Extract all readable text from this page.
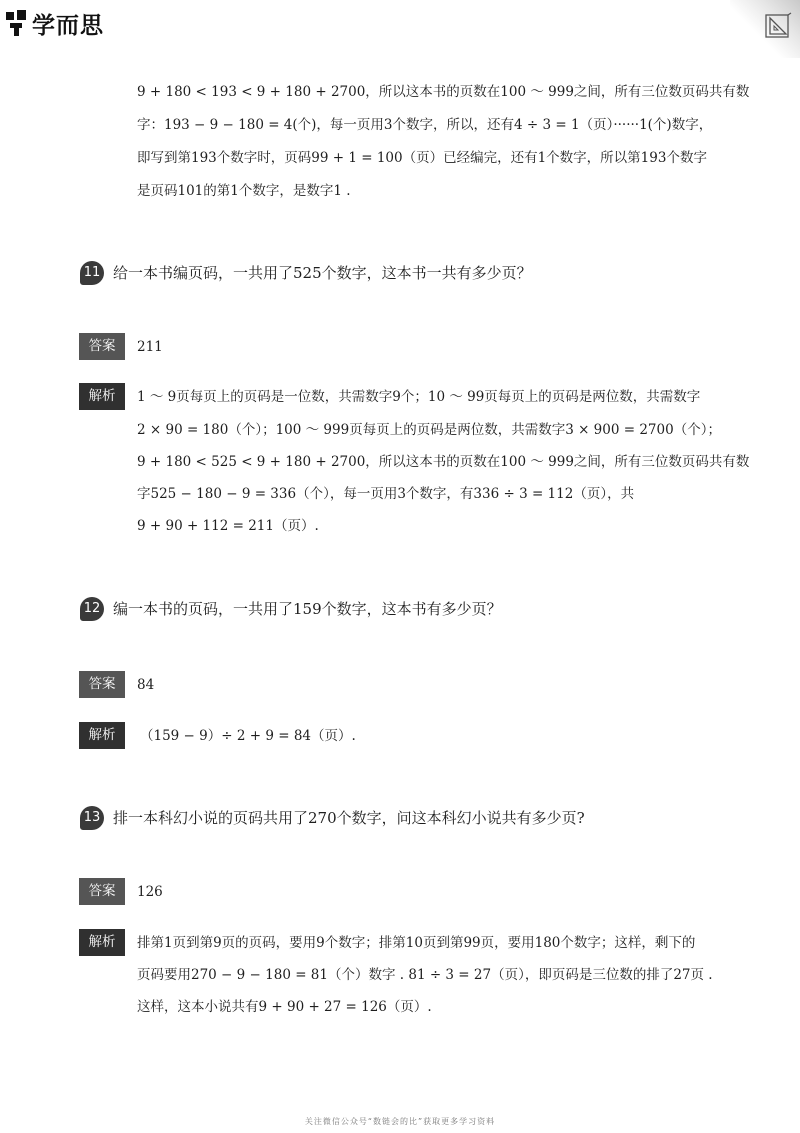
学而思
9 + 180 < 193 < 9 + 180 + 2700，所以这本书的页数在100 ～ 999之间，所有三位数页码共有数
字：193 − 9 − 180 = 4(个)，每一页用3个数字，所以，还有4 ÷ 3 = 1（页）······1(个)数字，
即写到第193个数字时，页码99 + 1 = 100（页）已经编完，还有1个数字，所以第193个数字
是页码101的第1个数字，是数字1 .
11 给一本书编页码，一共用了525个数字，这本书一共有多少页？
答案	211
解析	1 ～ 9页每页上的页码是一位数，共需数字9个；10 ～ 99页每页上的页码是两位数，共需数字
2 × 90 = 180（个）；100 ～ 999页每页上的页码是两位数，共需数字3 × 900 = 2700（个）；
9 + 180 < 525 < 9 + 180 + 2700，所以这本书的页数在100 ～ 999之间，所有三位数页码共有数
字525 − 180 − 9 = 336（个），每一页用3个数字，有336 ÷ 3 = 112（页），共
9 + 90 + 112 = 211（页）.
12 编一本书的页码，一共用了159个数字，这本书有多少页？
答案	84
解析	（159 − 9）÷ 2 + 9 = 84（页）.
13 排一本科幻小说的页码共用了270个数字，问这本科幻小说共有多少页?
答案	126
解析	排第1页到第9页的页码，要用9个数字；排第10页到第99页，要用180个数字；这样，剩下的
页码要用270 − 9 − 180 = 81（个）数字 . 81 ÷ 3 = 27（页），即页码是三位数的排了27页 .
这样，这本小说共有9 + 90 + 27 = 126（页）.
关注微信公众号“数链会的比”获取更多学习资料
